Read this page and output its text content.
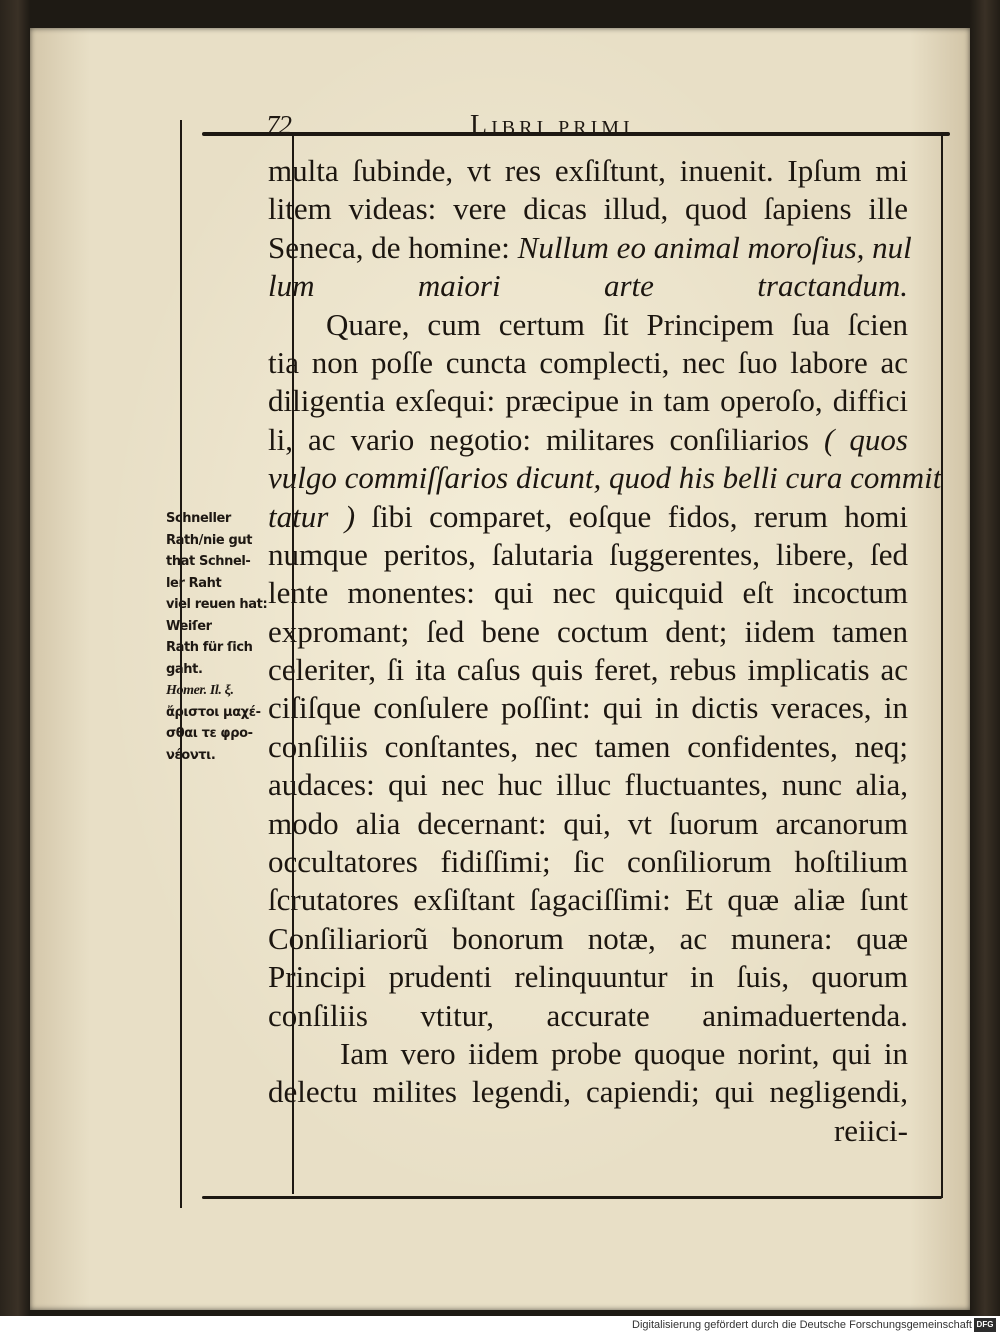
72	Libri primi
multa ſubinde, vt res exſiſtunt, inuenit. Ipſum mi
litem videas: vere dicas illud, quod ſapiens ille
Seneca, de homine: Nullum eo animal moroſius, nul
lum maiori arte tractandum.
Quare, cum certum ſit Principem ſua ſcien
tia non poſſe cuncta complecti, nec ſuo labore ac
diligentia exſequi: præcipue in tam operoſo, diffici
li, ac vario negotio: militares conſiliarios ( quos
vulgo commiſſarios dicunt, quod his belli cura commit
tatur ) ſibi comparet, eoſque fidos, rerum homi
numque peritos, ſalutaria ſuggerentes, libere, ſed
lente monentes: qui nec quicquid eſt incoctum
expromant; ſed bene coctum dent; iidem tamen
celeriter, ſi ita caſus quis feret, rebus implicatis ac
ciſiſque conſulere poſſint: qui in dictis veraces, in
conſiliis conſtantes, nec tamen confidentes, neq;
audaces: qui nec huc illuc fluctuantes, nunc alia,
modo alia decernant: qui, vt ſuorum arcanorum
occultatores fidiſſimi; ſic conſiliorum hoſtilium
ſcrutatores exſiſtant ſagaciſſimi: Et quæ aliæ ſunt
Conſiliariorũ bonorum notæ, ac munera: quæ
Principi prudenti relinquuntur in ſuis, quorum
conſiliis vtitur, accurate animaduertenda.
Iam vero iidem probe quoque norint, qui in
delectu milites legendi, capiendi; qui negligendi,
reiici-
Schneller
Rath/nie gut
that Schnel-
ler Raht
viel reuen hat:
Weiſer
Rath für ſich
gaht.
Homer. Il. ξ.
ἄριστοι μαχέ-
σθαι τε φρο-
νέοντι.
Digitalisierung gefördert durch die Deutsche Forschungsgemeinschaft DFG
